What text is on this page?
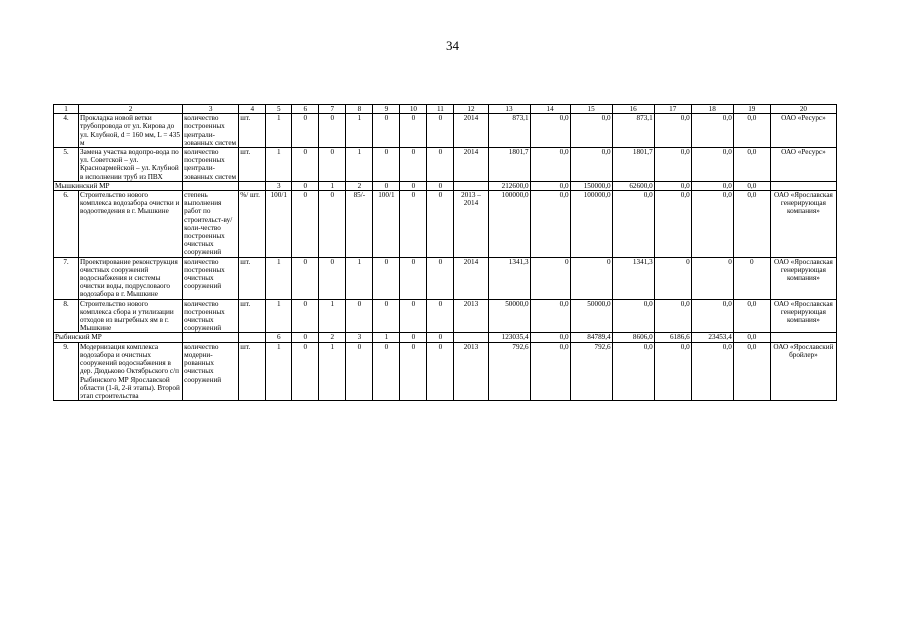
34
1	2	3	4	5	6	7	8	9	10	11	12	13	14	15	16	17	18	19	20
4.	Прокладка новой ветки трубопровода от ул. Кирова до ул. Клубной, d = 160 мм, L = 435 м	количество построенных централи-зованных систем	шт.	1	0	0	1	0	0	0	2014	873,1	0,0	0,0	873,1	0,0	0,0	0,0	ОАО «Ресурс»
5.	Замена участка водопро-вода по ул. Советской – ул. Красноармейской – ул. Клубной в исполнении труб из ПВХ	количество построенных централи-зованных систем	шт.	1	0	0	1	0	0	0	2014	1801,7	0,0	0,0	1801,7	0,0	0,0	0,0	ОАО «Ресурс»
Мышкинский МР				3	0	1	2	0	0	0		212600,0	0,0	150000,0	62600,0	0,0	0,0	0,0	
6.	Строительство нового комплекса водозабора очистки и водоотведения в г. Мышкине	степень выполнения работ по строительст-ву/ коли-чество построенных очистных сооружений	%/ шт.	100/1	0	0	85/-	100/1	0	0	2013 – 2014	100000,0	0,0	100000,0	0,0	0,0	0,0	0,0	ОАО «Ярославская генерирующая компания»
7.	Проектирование реконструкция очистных сооружений водоснабжения и системы очистки воды, подрусловаого водозабора в г. Мышкине	количество построенных очистных сооружений	шт.	1	0	0	1	0	0	0	2014	1341,3	0	0	1341,3	0	0	0	ОАО «Ярославская генерирующая компания»
8.	Строительство нового комплекса сбора и утилизации отходов из выгребных ям в г. Мышкине	количество построенных очистных сооружений	шт.	1	0	1	0	0	0	0	2013	50000,0	0,0	50000,0	0,0	0,0	0,0	0,0	ОАО «Ярославская генерирующая компания»
Рыбинский МР				6	0	2	3	1	0	0		123035,4	0,0	84789,4	8606,0	6186,6	23453,4	0,0	
9.	Модернизация комплекса водозабора и очистных сооружений водоснабжения в дер. Дюдьково Октябрьского с/п Рыбинского МР Ярославской области (1-й, 2-й этапы). Второй этап строительства	количество модерни-рованных очистных сооружений	шт.	1	0	1	0	0	0	0	2013	792,6	0,0	792,6	0,0	0,0	0,0	0,0	ОАО «Ярославский бройлер»
